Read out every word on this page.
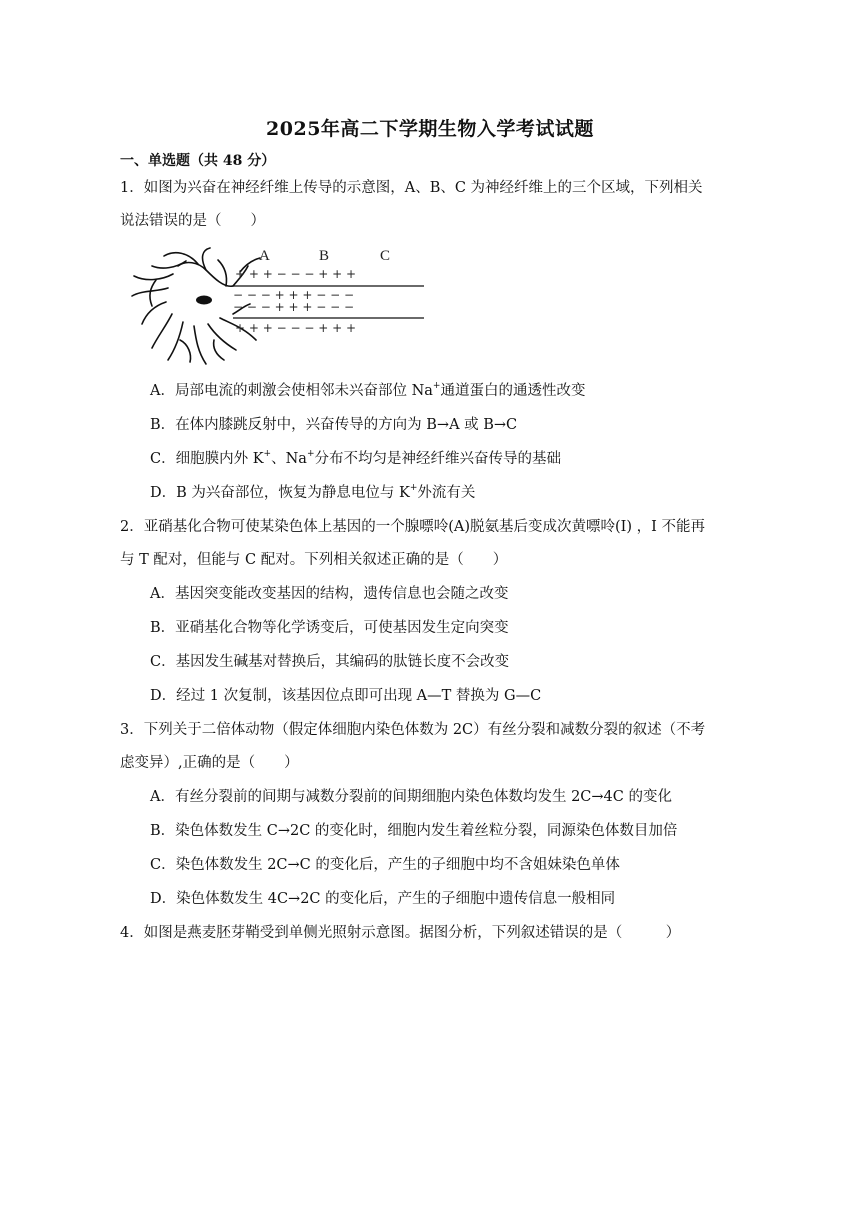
2025年高二下学期生物入学考试试题
一、单选题（共 48 分）
1．如图为兴奋在神经纤维上传导的示意图，A、B、C 为神经纤维上的三个区域，下列相关
说法错误的是（　　）
A	B	C
+ + + − − − + + +
− − − + + + − − −
− − − + + + − − −
+ + + − − − + + +
A．局部电流的刺激会使相邻未兴奋部位 Na+通道蛋白的通透性改变
B．在体内膝跳反射中，兴奋传导的方向为 B→A 或 B→C
C．细胞膜内外 K+、Na+分布不均匀是神经纤维兴奋传导的基础
D．B 为兴奋部位，恢复为静息电位与 K+外流有关
2．亚硝基化合物可使某染色体上基因的一个腺嘌呤(A)脱氨基后变成次黄嘌呤(I) ，I 不能再
与 T 配对，但能与 C 配对。下列相关叙述正确的是（　　）
A．基因突变能改变基因的结构，遗传信息也会随之改变
B．亚硝基化合物等化学诱变后，可使基因发生定向突变
C．基因发生碱基对替换后，其编码的肽链长度不会改变
D．经过 1 次复制，该基因位点即可出现 A—T 替换为 G—C
3．下列关于二倍体动物（假定体细胞内染色体数为 2C）有丝分裂和减数分裂的叙述（不考
虑变异）,正确的是（　　）
A．有丝分裂前的间期与减数分裂前的间期细胞内染色体数均发生 2C→4C 的变化
B．染色体数发生 C→2C 的变化时，细胞内发生着丝粒分裂，同源染色体数目加倍
C．染色体数发生 2C→C 的变化后，产生的子细胞中均不含姐妹染色单体
D．染色体数发生 4C→2C 的变化后，产生的子细胞中遗传信息一般相同
4．如图是燕麦胚芽鞘受到单侧光照射示意图。据图分析，下列叙述错误的是（　　　）
